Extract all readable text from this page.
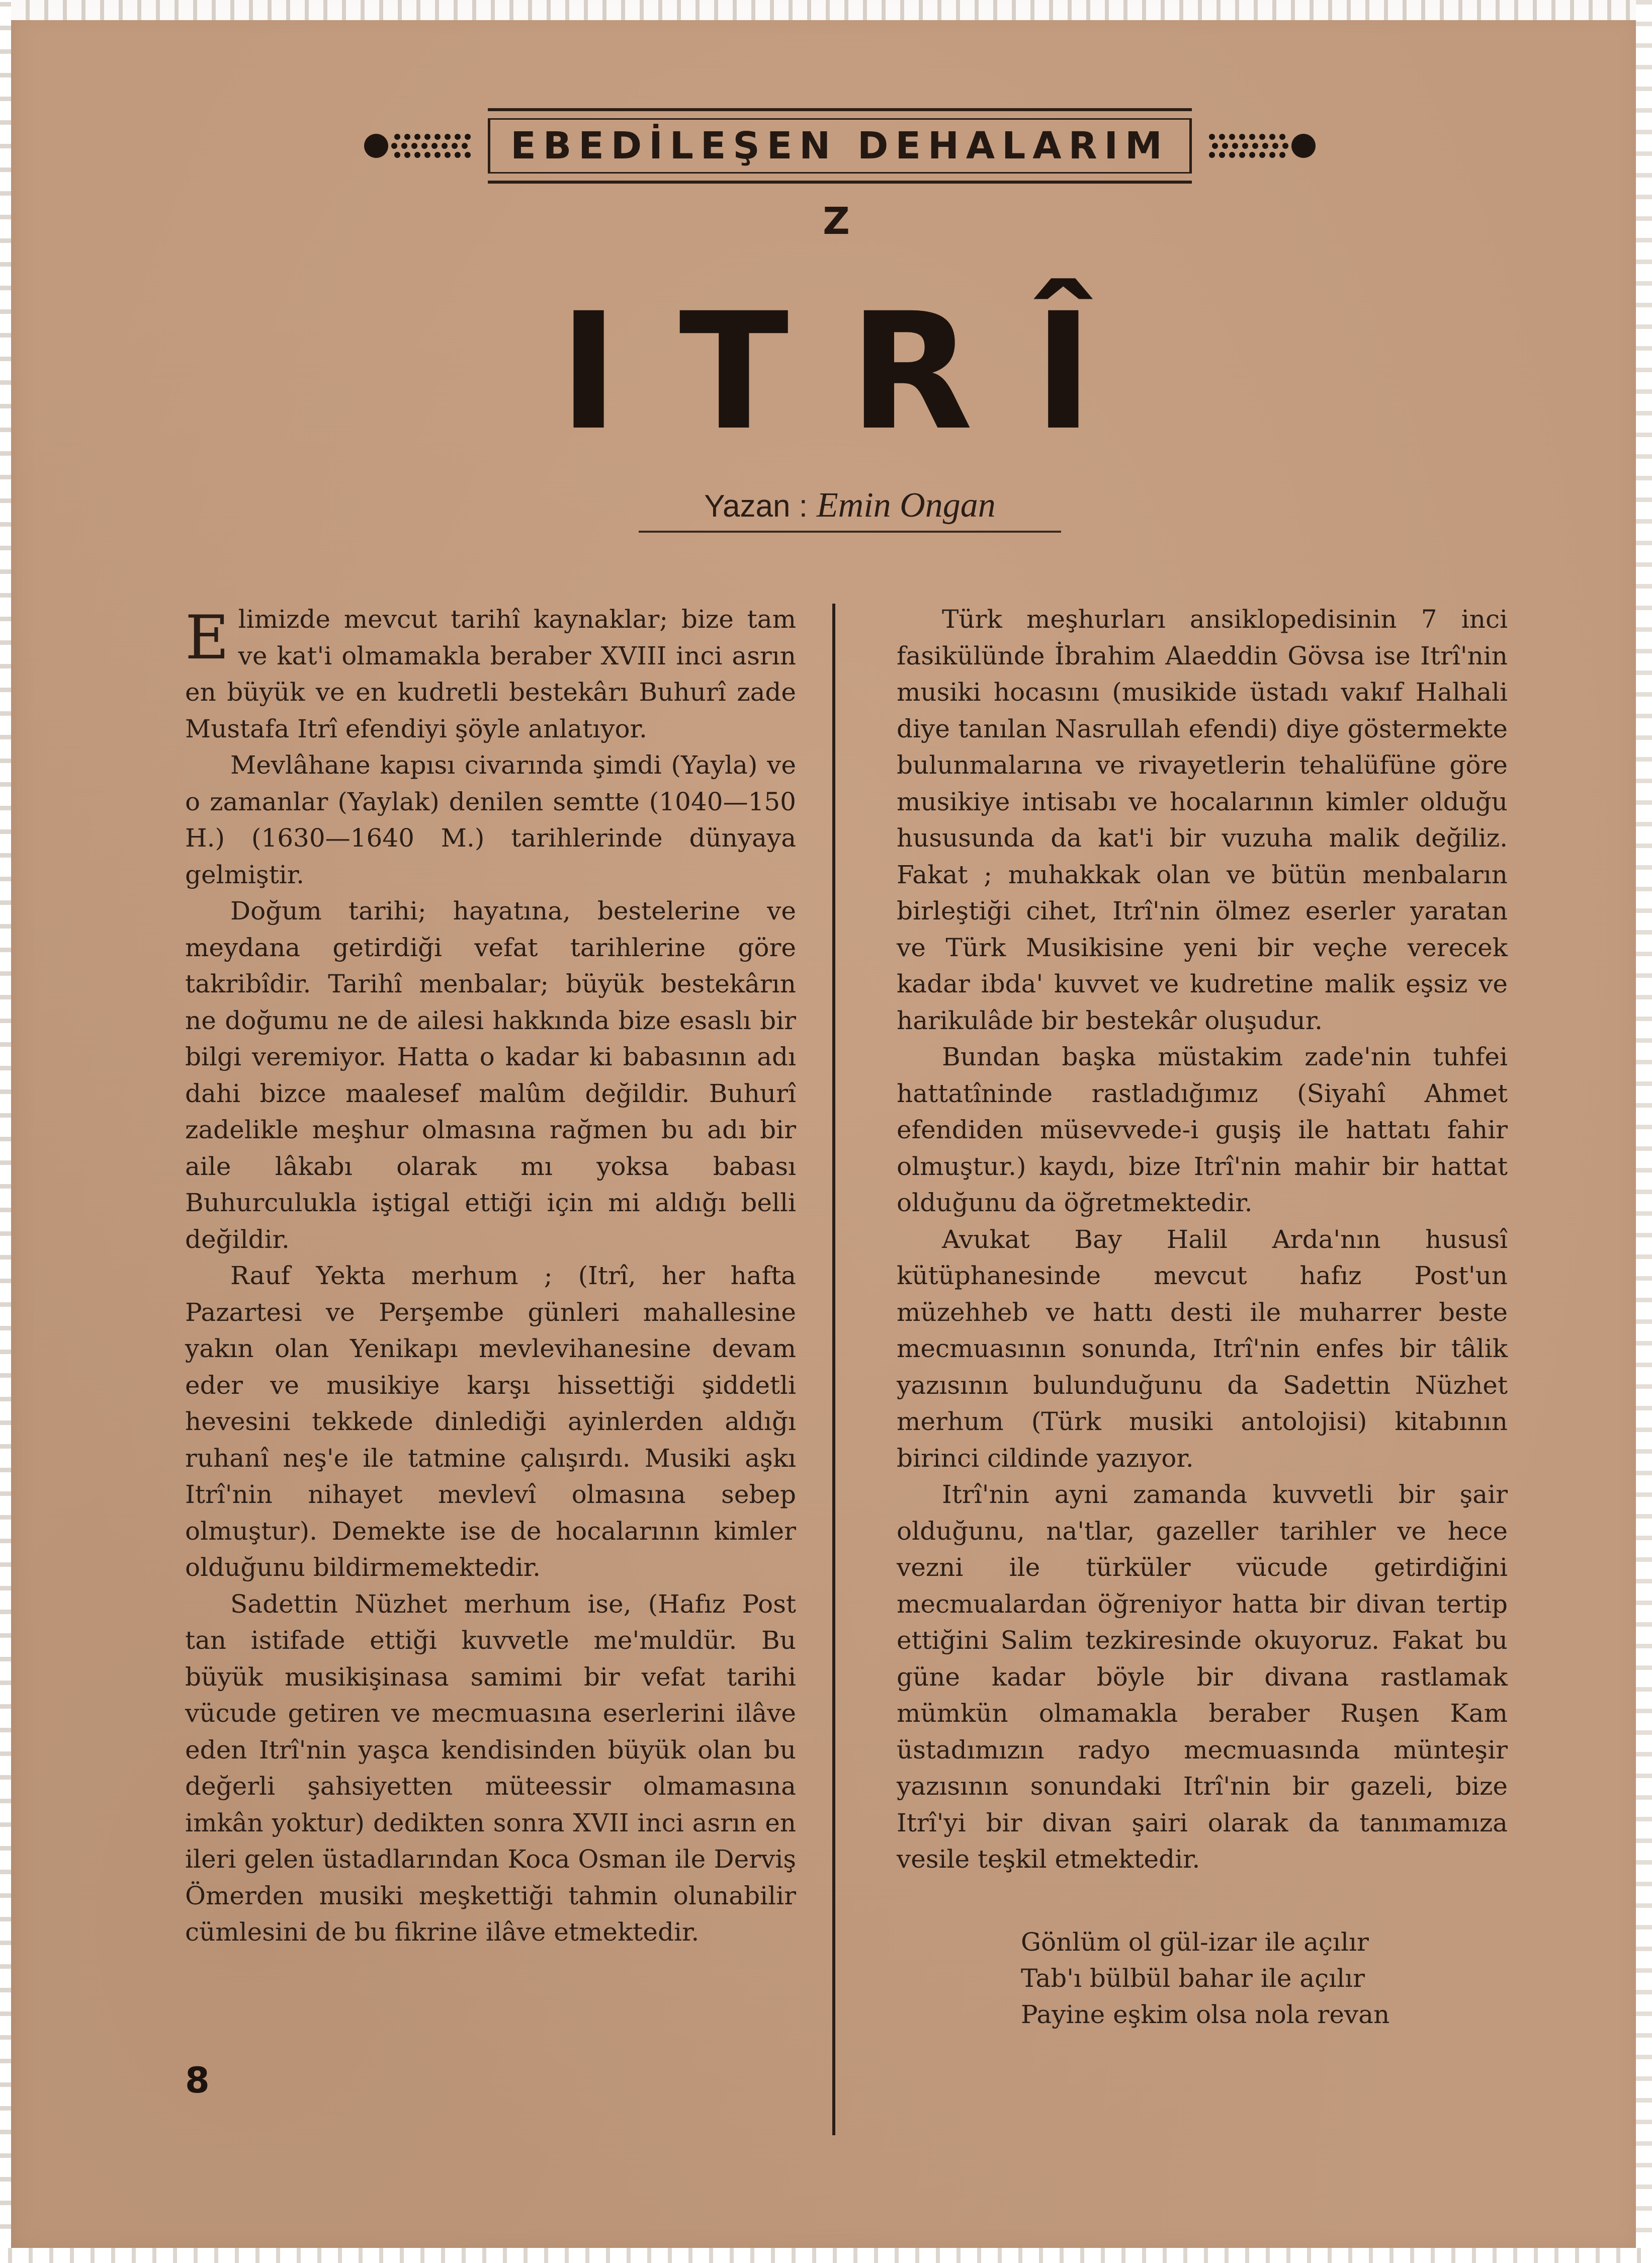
EBEDİLEŞEN DEHALARIM Z
ITRÎ
Yazan : Emin Ongan

Elimizde mevcut tarihî kaynaklar; bize tam ve kat'i olmamakla beraber XVIII inci asrın en büyük ve en kudretli bestekârı Buhurî zade Mustafa Itrî efendiyi şöyle anlatıyor.

Mevlâhane kapısı civarında şimdi (Yayla) ve o zamanlar (Yaylak) denilen semtte (1040—150 H.) (1630—1640 M.) tarihlerinde dünyaya gelmiştir.

Doğum tarihi; hayatına, bestelerine ve meydana getirdiği vefat tarihlerine göre takribîdir. Tarihî menbalar; büyük bestekârın ne doğumu ne de ailesi hakkında bize esaslı bir bilgi veremiyor. Hatta o kadar ki babasının adı dahi bizce maalesef malûm değildir. Buhurî zadelikle meşhur olmasına rağmen bu adı bir aile lâkabı olarak mı yoksa babası Buhurculukla iştigal ettiği için mi aldığı belli değildir.

Rauf Yekta merhum ; (Itrî, her hafta Pazartesi ve Perşembe günleri mahallesine yakın olan Yenikapı mevlevihanesine devam eder ve musikiye karşı hissettiği şiddetli hevesini tekkede dinlediği ayinlerden aldığı ruhanî neş'e ile tatmine çalışırdı. Musiki aşkı Itrî'nin nihayet mevlevî olmasına sebep olmuştur). Demekte ise de hocalarının kimler olduğunu bildirmemektedir.

Sadettin Nüzhet merhum ise, (Hafız Post tan istifade ettiği kuvvetle me'muldür. Bu büyük musikişinasa samimi bir vefat tarihi vücude getiren ve mecmuasına eserlerini ilâve eden Itrî'nin yaşca kendisinden büyük olan bu değerli şahsiyetten müteessir olmamasına imkân yoktur) dedikten sonra XVII inci asrın en ileri gelen üstadlarından Koca Osman ile Derviş Ömerden musiki meşkettiği tahmin olunabilir cümlesini de bu fikrine ilâve etmektedir.

Türk meşhurları ansiklopedisinin 7 inci fasikülünde İbrahim Alaeddin Gövsa ise Itrî'nin musiki hocasını (musikide üstadı vakıf Halhali diye tanılan Nasrullah efendi) diye göstermekte bulunmalarına ve rivayetlerin tehalüfüne göre musikiye intisabı ve hocalarının kimler olduğu hususunda da kat'i bir vuzuha malik değiliz. Fakat ; muhakkak olan ve bütün menbaların birleştiği cihet, Itrî'nin ölmez eserler yaratan ve Türk Musikisine yeni bir veçhe verecek kadar ibda' kuvvet ve kudretine malik eşsiz ve harikulâde bir bestekâr oluşudur.

Bundan başka müstakim zade'nin tuhfei hattatîninde rastladığımız (Siyahî Ahmet efendiden müsevvede-i guşiş ile hattatı fahir olmuştur.) kaydı, bize Itrî'nin mahir bir hattat olduğunu da öğretmektedir.

Avukat Bay Halil Arda'nın hususî kütüphanesinde mevcut hafız Post'un müzehheb ve hattı desti ile muharrer beste mecmuasının sonunda, Itrî'nin enfes bir tâlik yazısının bulunduğunu da Sadettin Nüzhet merhum (Türk musiki antolojisi) kitabının birinci cildinde yazıyor.

Itrî'nin ayni zamanda kuvvetli bir şair olduğunu, na'tlar, gazeller tarihler ve hece vezni ile türküler vücude getirdiğini mecmualardan öğreniyor hatta bir divan tertip ettiğini Salim tezkiresinde okuyoruz. Fakat bu güne kadar böyle bir divana rastlamak mümkün olmamakla beraber Ruşen Kam üstadımızın radyo mecmuasında münteşir yazısının sonundaki Itrî'nin bir gazeli, bize Itrî'yi bir divan şairi olarak da tanımamıza vesile teşkil etmektedir.

Gönlüm ol gül-izar ile açılır
Tab'ı bülbül bahar ile açılır
Payine eşkim olsa nola revan
8
